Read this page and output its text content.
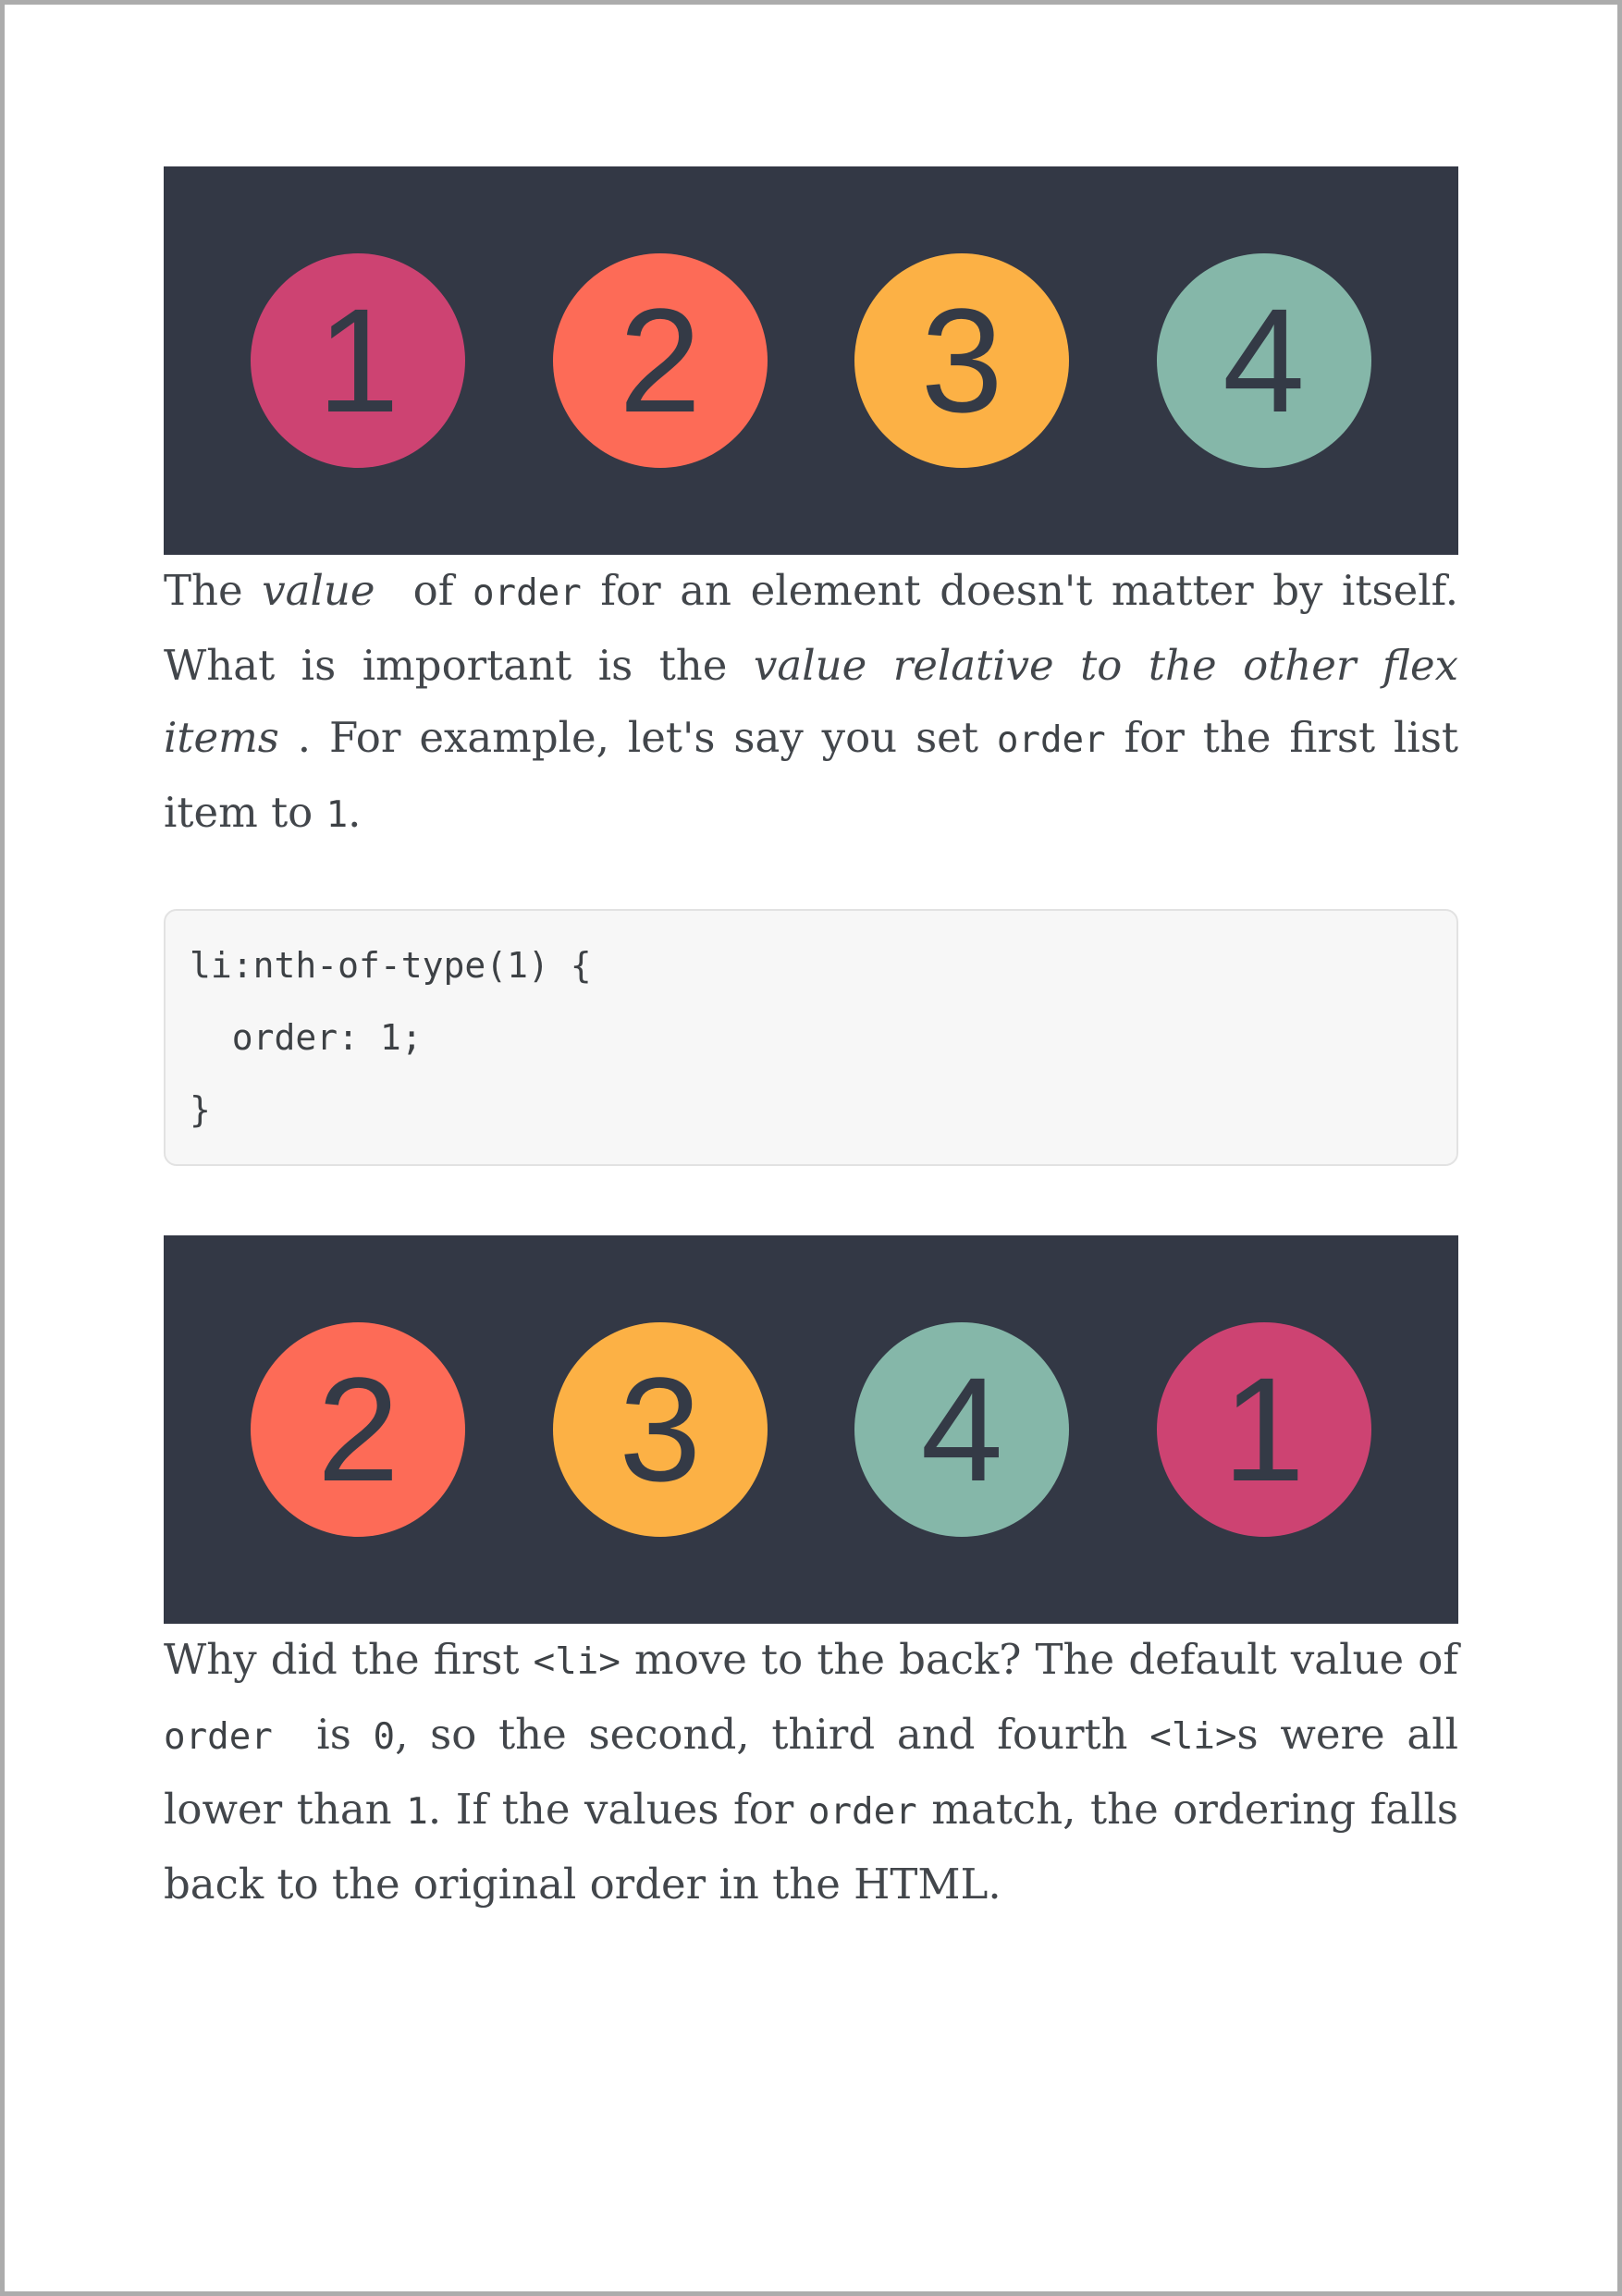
1	2	3	4

The value  of order for an element doesn't matter by itself. What is important is the value relative to the other flex items . For example, let's say you set order for the first list item to 1.

li:nth-of-type(1) {
order: 1;
}
2	3	4	1

Why did the first <li> move to the back? The default value of order  is 0, so the second, third and fourth <li>s were all lower than 1. If the values for order match, the ordering falls back to the original order in the HTML.
